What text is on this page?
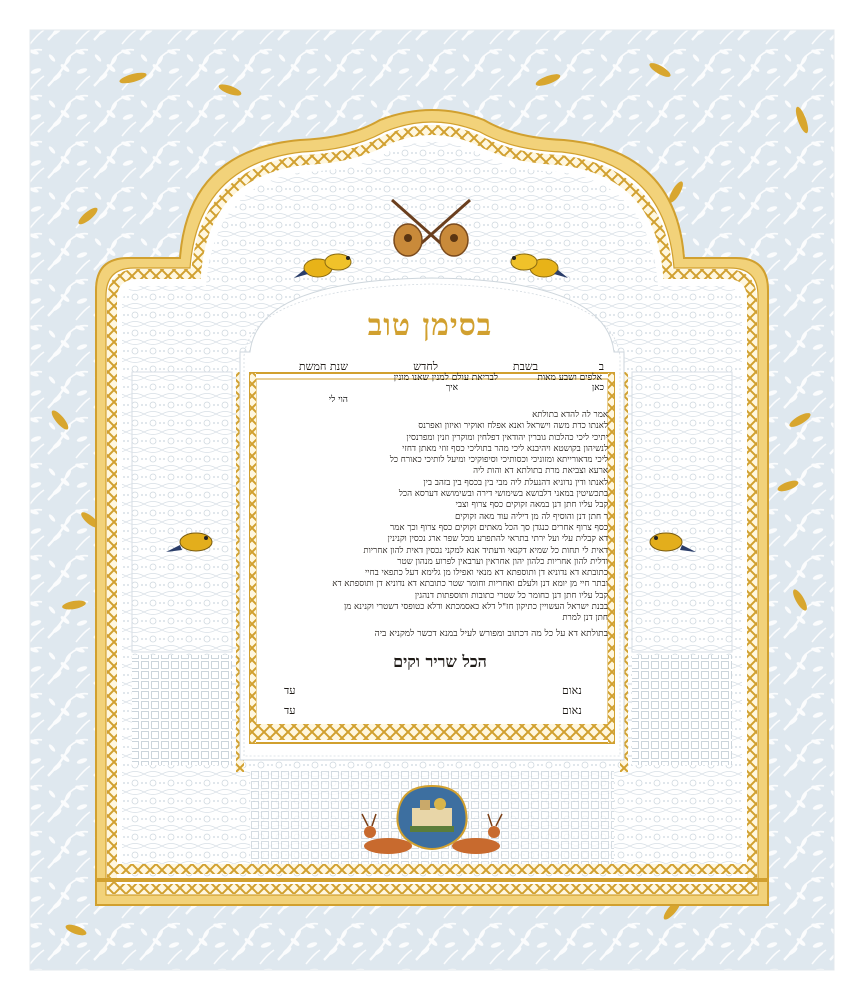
בסימן טוב
ב
בשבת
לחדש
שנת חמשת
אלפים ושבע מאות
לבריאת עולם למנין שאנו מונין
כאן
איך
הוי לי
אמר לה להדא בתולתא
לאנתו כדת משה וישראל ואנא אפלח ואוקיר ואיזון ואפרנס
יתיכי ליכי כהלכות גוברין יהודאין דפלחין ומוקרין וזנין ומפרנסין
לנשיהון בקושטא ויהיבנא ליכי מהר בתוליכי כסף זוזי מאתן דחזי
ליכי מדאורייתא ומזוניכי וכסותיכי וסיפוקיכי ומיעל לותיכי כאורח כל
ארעא וצביאת מרת בתולתא דא והות ליה
לאנתו ודין נדוניא דהנעלת ליה מבי בין בכסף בין בזהב בין
בתכשיטין במאני דלבושא בשימושי דירה ובשימושא דערסא הכל
קבל עליו חתן דנן במאה זקוקים כסף צרוף וצבי
ר חתן דנן והוסיף לה מן דיליה עוד מאה זקוקים
כסף צרוף אחרים כנגדן סך הכל מאתים זקוקים כסף צרוף וכך אמר
דא קבלית עלי ועל ירתי בתראי להתפרע מכל שפר ארג נכסין וקנינין
דאית לי תחות כל שמיא דקנאי ודעתיד אנא למקני נכסין דאית להון אחריות
ודלית להון אחריות כלהון יהון אחראין וערבאין לפרוע מנהון שטר
כתובתא דא נדוניא דן ותוספתא דא מנאי ואפילו מן גלימא דעל כתפאי בחיי
ובתר חיי מן יומא דנן ולעלם ואחריות וחומר שטר כתובתא דא נדוניא דן ותוספתא דא
קבל עליו חתן דנן כחומר כל שטרי כתובות ותוספתות דנהגין
בבנת ישראל העשויין כתיקון חז"ל דלא כאסמכתא ודלא כטופסי דשטרי וקנינא מן
חתן דנן למרת
בתולתא דא על כל מה דכתוב ומפורש לעיל במנא דכשר למקניא ביה
הכל שריר וקים
עד	נאום
עד	נאום
